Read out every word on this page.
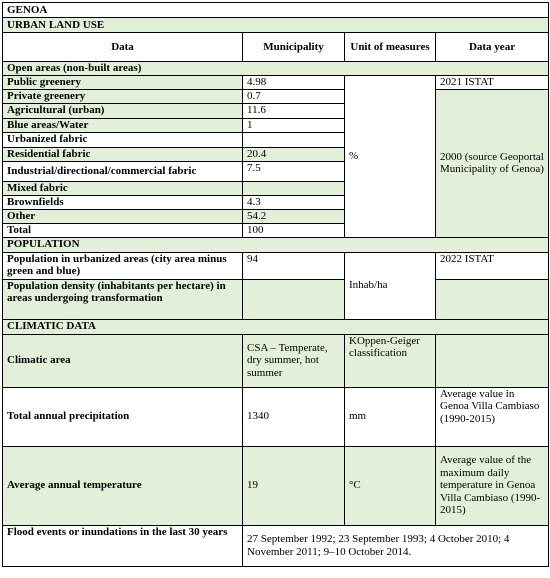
GENOA			
URBAN LAND USE			
Data	Municipality	Unit of measures	Data year
Open areas (non-built areas)			
Public greenery	4.98	%	2021 ISTAT
Private greenery	0.7		2000 (source Geoportal Municipality of Genoa)
Agricultural (urban)	11.6		
Blue areas/Water	1		
Urbanized fabric			
Residential fabric	20.4		
Industrial/directional/commercial fabric	7.5		
Mixed fabric			
Brownfields	4.3		
Other	54.2		
Total	100		
POPULATION			
Population in urbanized areas (city area minus green and blue)	94	Inhab/ha	2022 ISTAT
Population density (inhabitants per hectare) in areas undergoing transformation			
CLIMATIC DATA			
Climatic area	CSA – Temperate, dry summer, hot summer	KOppen-Geiger classification	
Total annual precipitation	1340	mm	Average value in Genoa Villa Cambiaso (1990-2015)
Average annual temperature	19	°C	Average value of the maximum daily temperature in Genoa Villa Cambiaso (1990-2015)
Flood events or inundations in the last 30 years	27 September 1992; 23 September 1993; 4 October 2010; 4 November 2011; 9–10 October 2014.		
